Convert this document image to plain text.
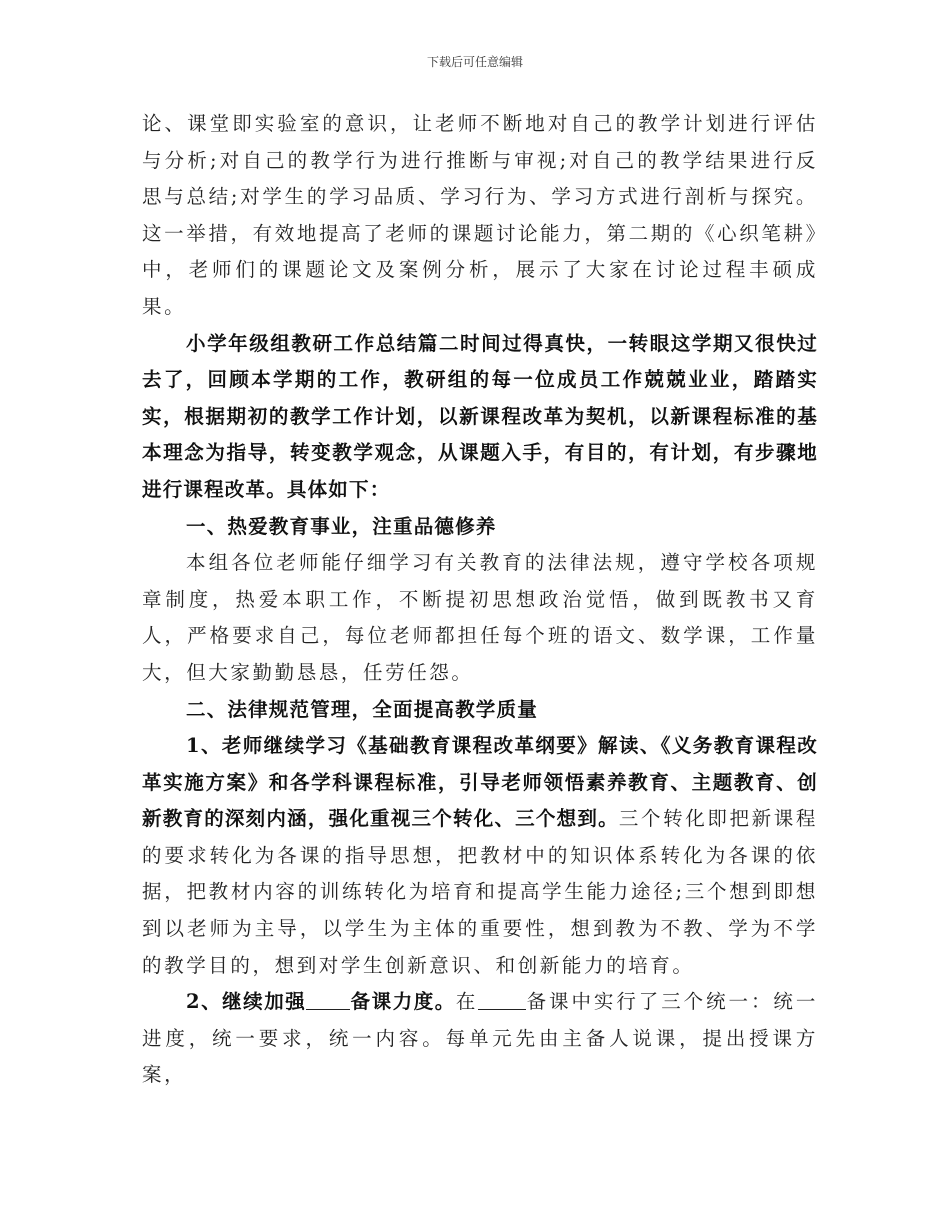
下载后可任意编辑

论、课堂即实验室的意识，让老师不断地对自己的教学计划进行评估与分析;对自己的教学行为进行推断与审视;对自己的教学结果进行反思与总结;对学生的学习品质、学习行为、学习方式进行剖析与探究。这一举措，有效地提高了老师的课题讨论能力，第二期的《心织笔耕》中，老师们的课题论文及案例分析，展示了大家在讨论过程丰硕成果。

小学年级组教研工作总结篇二时间过得真快，一转眼这学期又很快过去了，回顾本学期的工作，教研组的每一位成员工作兢兢业业，踏踏实实，根据期初的教学工作计划，以新课程改革为契机，以新课程标准的基本理念为指导，转变教学观念，从课题入手，有目的，有计划，有步骤地进行课程改革。具体如下：

一、热爱教育事业，注重品德修养

本组各位老师能仔细学习有关教育的法律法规，遵守学校各项规章制度，热爱本职工作，不断提初思想政治觉悟，做到既教书又育人，严格要求自己，每位老师都担任每个班的语文、数学课，工作量大，但大家勤勤恳恳，任劳任怨。

二、法律规范管理，全面提高教学质量

1、老师继续学习《基础教育课程改革纲要》解读、《义务教育课程改革实施方案》和各学科课程标准，引导老师领悟素养教育、主题教育、创新教育的深刻内涵，强化重视三个转化、三个想到。三个转化即把新课程的要求转化为各课的指导思想，把教材中的知识体系转化为各课的依据，把教材内容的训练转化为培育和提高学生能力途径;三个想到即想到以老师为主导，以学生为主体的重要性，想到教为不教、学为不学的教学目的，想到对学生创新意识、和创新能力的培育。

2、继续加强 备课力度。在 备课中实行了三个统一：统一进度，统一要求，统一内容。每单元先由主备人说课，提出授课方案，
